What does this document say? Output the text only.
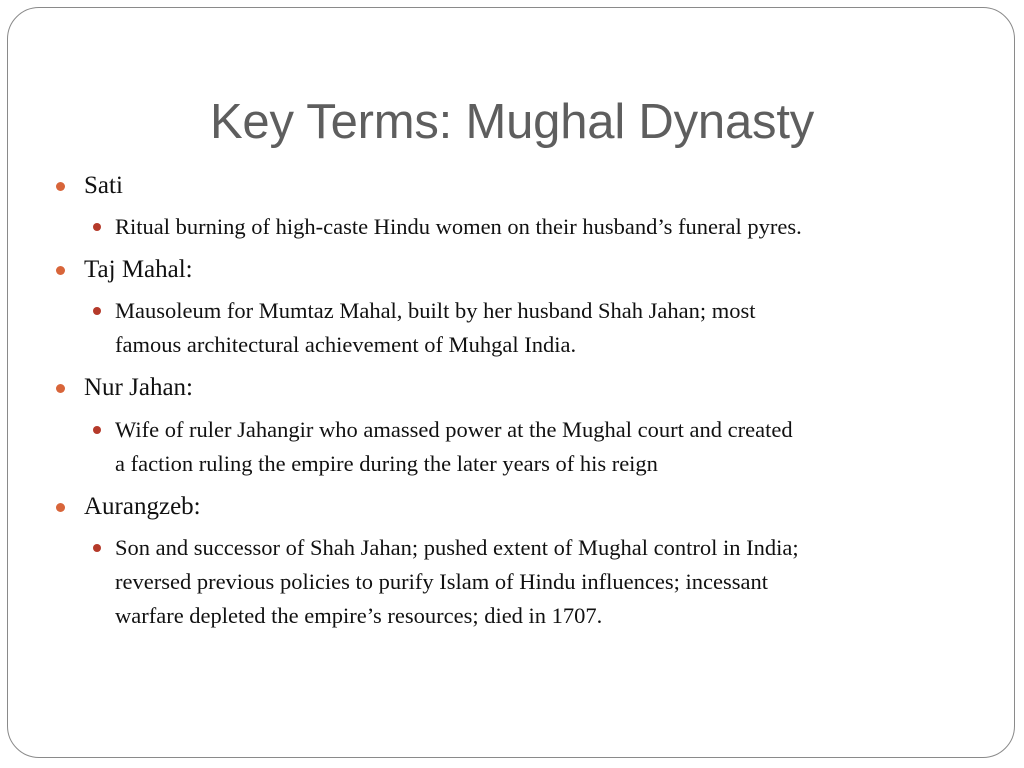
Key Terms: Mughal Dynasty
Sati
Ritual burning of high-caste Hindu women on their husband’s funeral pyres.
Taj Mahal:
Mausoleum for Mumtaz Mahal, built by her husband Shah Jahan; most
famous architectural achievement of Muhgal India.
Nur Jahan:
Wife of ruler Jahangir who amassed power at the Mughal court and created
a faction ruling the empire during the later years of his reign
Aurangzeb:
Son and successor of Shah Jahan; pushed extent of Mughal control in India;
reversed previous policies to purify Islam of Hindu influences; incessant
warfare depleted the empire’s resources; died in 1707.
